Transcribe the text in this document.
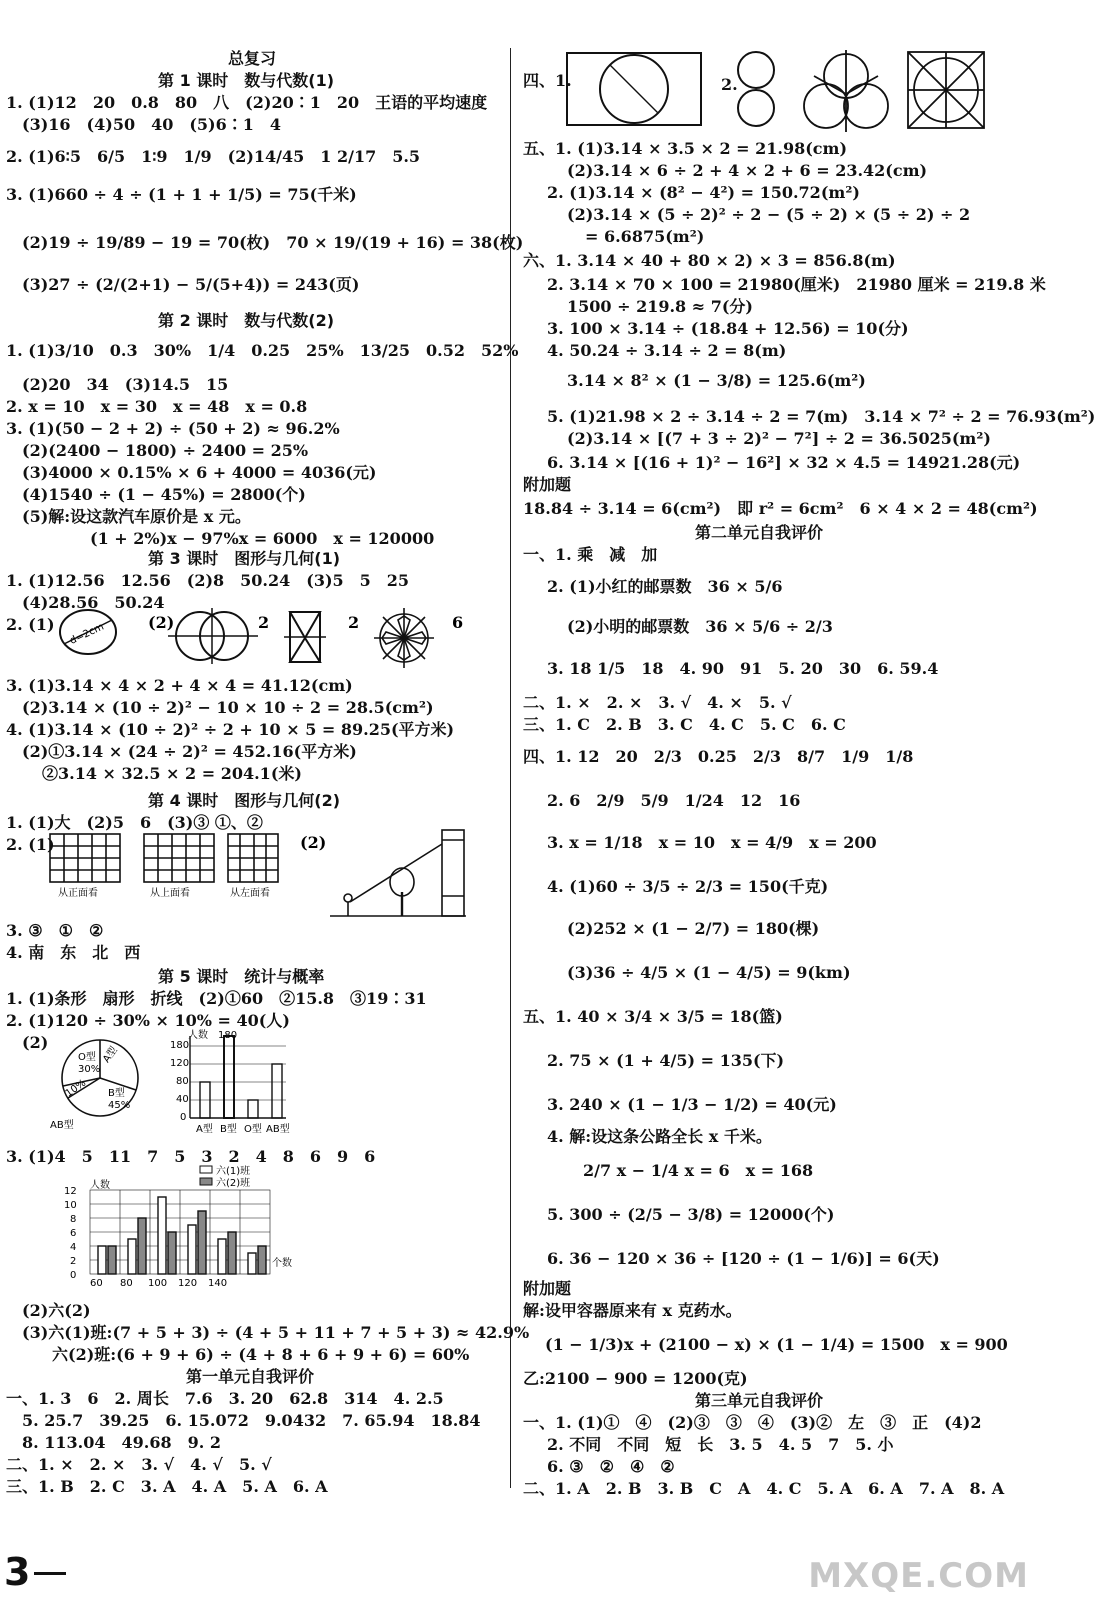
总复习
第 1 课时　数与代数(1)
1. (1)12　20　0.8　80　八　(2)20∶1　20　王语的平均速度
(3)16　(4)50　40　(5)6∶1　4
2. (1)6∶5　6/5　1∶9　1/9　(2)14/45　1 2/17　5.5
3. (1)660 ÷ 4 ÷ (1 + 1 + 1/5) = 75(千米)
(2)19 ÷ 19/89 − 19 = 70(枚)　70 × 19/(19 + 16) = 38(枚)
(3)27 ÷ (2/(2+1) − 5/(5+4)) = 243(页)
第 2 课时　数与代数(2)
1. (1)3/10　0.3　30%　1/4　0.25　25%　13/25　0.52　52%
(2)20　34　(3)14.5　15
2. x = 10　x = 30　x = 48　x = 0.8
3. (1)(50 − 2 + 2) ÷ (50 + 2) ≈ 96.2%
(2)(2400 − 1800) ÷ 2400 = 25%
(3)4000 × 0.15% × 6 + 4000 = 4036(元)
(4)1540 ÷ (1 − 45%) = 2800(个)
(5)解:设这款汽车原价是 x 元。
(1 + 2%)x − 97%x = 6000　x = 120000
第 3 课时　图形与几何(1)
1. (1)12.56　12.56　(2)8　50.24　(3)5　5　25
(4)28.56　50.24
2. (1)
3. (1)3.14 × 4 × 2 + 4 × 4 = 41.12(cm)
(2)3.14 × (10 ÷ 2)² − 10 × 10 ÷ 2 = 28.5(cm²)
4. (1)3.14 × (10 ÷ 2)² ÷ 2 + 10 × 5 = 89.25(平方米)
(2)①3.14 × (24 ÷ 2)² = 452.16(平方米)
②3.14 × 32.5 × 2 = 204.1(米)
第 4 课时　图形与几何(2)
1. (1)大　(2)5　6　(3)③ ①、②
2. (1)
3. ③　①　②
4. 南　东　北　西
第 5 课时　统计与概率
1. (1)条形　扇形　折线　(2)①60　②15.8　③19∶31
2. (1)120 ÷ 30% × 10% = 40(人)
(2)
3. (1)4　5　11　7　5　3　2　4　8　6　9　6
(2)六(2)
(3)六(1)班:(7 + 5 + 3) ÷ (4 + 5 + 11 + 7 + 5 + 3) ≈ 42.9%
六(2)班:(6 + 9 + 6) ÷ (4 + 8 + 6 + 9 + 6) = 60%
第一单元自我评价
一、1. 3　6　2. 周长　7.6　3. 20　62.8　314　4. 2.5
5. 25.7　39.25　6. 15.072　9.0432　7. 65.94　18.84
8. 113.04　49.68　9. 2
二、1. ×　2. ×　3. √　4. √　5. √
三、1. B　2. C　3. A　4. A　5. A　6. A
四、1.	2.
五、1. (1)3.14 × 3.5 × 2 = 21.98(cm)
(2)3.14 × 6 ÷ 2 + 4 × 2 + 6 = 23.42(cm)
2. (1)3.14 × (8² − 4²) = 150.72(m²)
(2)3.14 × (5 ÷ 2)² ÷ 2 − (5 ÷ 2) × (5 ÷ 2) ÷ 2
= 6.6875(m²)
六、1. 3.14 × 40 + 80 × 2) × 3 = 856.8(m)
2. 3.14 × 70 × 100 = 21980(厘米)　21980 厘米 = 219.8 米
1500 ÷ 219.8 ≈ 7(分)
3. 100 × 3.14 ÷ (18.84 + 12.56) = 10(分)
4. 50.24 ÷ 3.14 ÷ 2 = 8(m)
3.14 × 8² × (1 − 3/8) = 125.6(m²)
5. (1)21.98 × 2 ÷ 3.14 ÷ 2 = 7(m)　3.14 × 7² ÷ 2 = 76.93(m²)
(2)3.14 × [(7 + 3 ÷ 2)² − 7²] ÷ 2 = 36.5025(m²)
6. 3.14 × [(16 + 1)² − 16²] × 32 × 4.5 = 14921.28(元)
附加题
18.84 ÷ 3.14 = 6(cm²)　即 r² = 6cm²　6 × 4 × 2 = 48(cm²)
第二单元自我评价
一、1. 乘　减　加
2. (1)小红的邮票数　36 × 5/6
(2)小明的邮票数　36 × 5/6 ÷ 2/3
3. 18 1/5　18　4. 90　91　5. 20　30　6. 59.4
二、1. ×　2. ×　3. √　4. ×　5. √
三、1. C　2. B　3. C　4. C　5. C　6. C
四、1. 12　20　2/3　0.25　2/3　8/7　1/9　1/8
2. 6　2/9　5/9　1/24　12　16
3. x = 1/18　x = 10　x = 4/9　x = 200
4. (1)60 ÷ 3/5 ÷ 2/3 = 150(千克)
(2)252 × (1 − 2/7) = 180(棵)
(3)36 ÷ 4/5 × (1 − 4/5) = 9(km)
五、1. 40 × 3/4 × 3/5 = 18(篮)
2. 75 × (1 + 4/5) = 135(下)
3. 240 × (1 − 1/3 − 1/2) = 40(元)
4. 解:设这条公路全长 x 千米。
2/7 x − 1/4 x = 6　x = 168
5. 300 ÷ (2/5 − 3/8) = 12000(个)
6. 36 − 120 × 36 ÷ [120 ÷ (1 − 1/6)] = 6(天)
附加题
解:设甲容器原来有 x 克药水。
(1 − 1/3)x + (2100 − x) × (1 − 1/4) = 1500　x = 900
乙:2100 − 900 = 1200(克)
第三单元自我评价
一、1. (1)①　④　(2)③　③　④　(3)②　左　③　正　(4)2
2. 不同　不同　短　长　3. 5　4. 5　7　5. 小
6. ③　②　④　②
二、1. A　2. B　3. B　C　A　4. C　5. A　6. A　7. A　8. A
d=2cm	(2)	2	2	6
从正面看	从上面看	从左面看
(2)
O型
30%
A型
B型
45%
10%
AB型
人数 180
180
120
80
40
0
A型 B型 O型 AB型
六(1)班
六(2)班
人数
12
10
8
6
4
2
0
60 80 100 120 140
个数
3	MXQE.COM
